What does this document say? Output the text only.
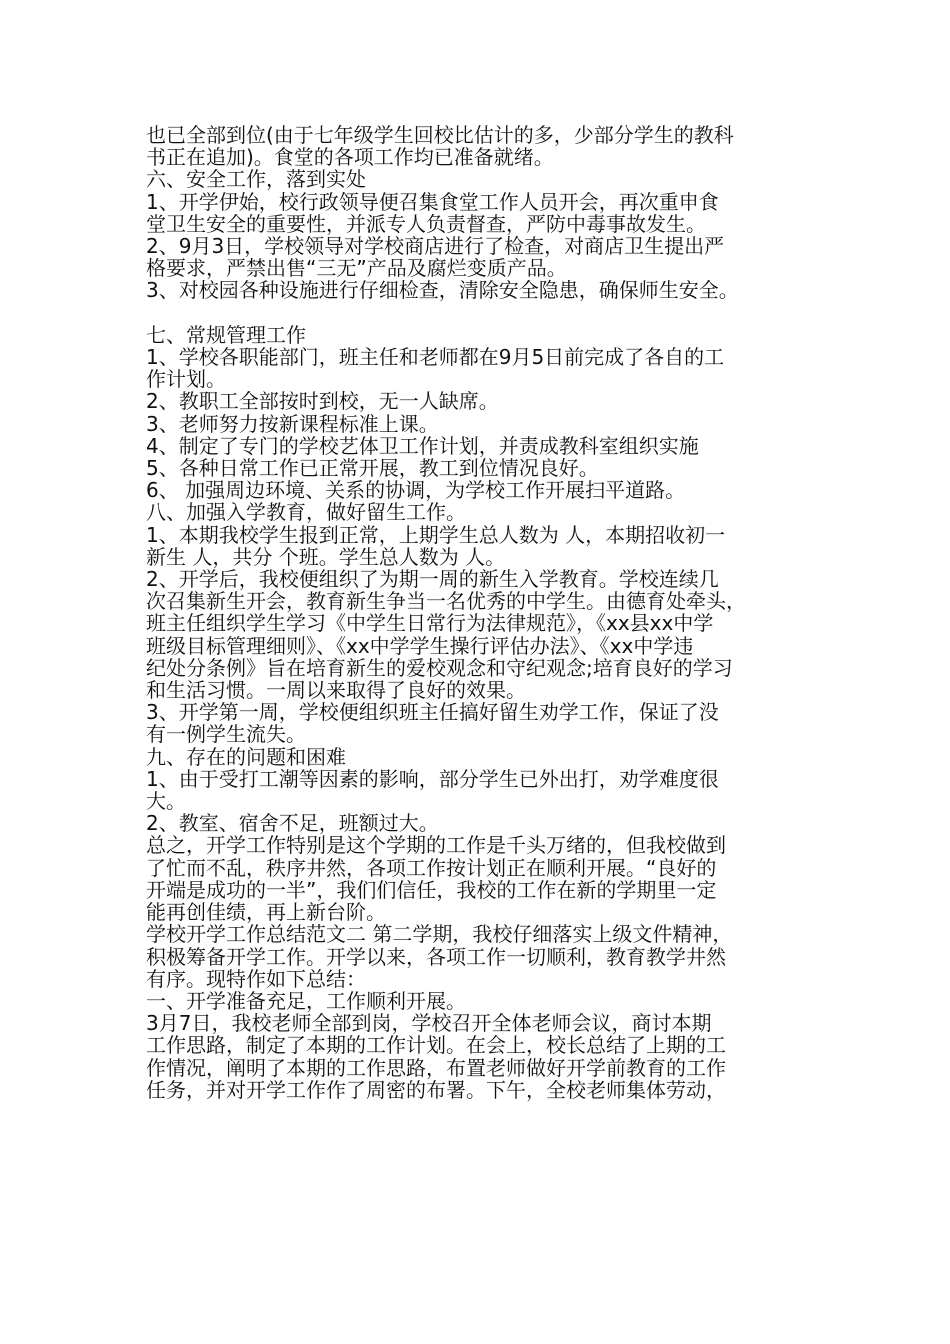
也已全部到位(由于七年级学生回校比估计的多，少部分学生的教科

书正在追加)。食堂的各项工作均已准备就绪。

六、安全工作，落到实处

1、开学伊始，校行政领导便召集食堂工作人员开会，再次重申食

堂卫生安全的重要性，并派专人负责督查，严防中毒事故发生。

2、9月3日，学校领导对学校商店进行了检查，对商店卫生提出严

格要求，严禁出售“三无”产品及腐烂变质产品。

3、对校园各种设施进行仔细检查，清除安全隐患，确保师生安全。

七、常规管理工作

1、学校各职能部门，班主任和老师都在9月5日前完成了各自的工

作计划。

2、教职工全部按时到校，无一人缺席。

3、老师努力按新课程标准上课。

4、制定了专门的学校艺体卫工作计划，并责成教科室组织实施

5、各种日常工作已正常开展，教工到位情况良好。

6、 加强周边环境、关系的协调，为学校工作开展扫平道路。

八、加强入学教育，做好留生工作。

1、本期我校学生报到正常，上期学生总人数为 人，本期招收初一

新生 人，共分 个班。学生总人数为 人。

2、开学后，我校便组织了为期一周的新生入学教育。学校连续几

次召集新生开会，教育新生争当一名优秀的中学生。由德育处牵头，

班主任组织学生学习《中学生日常行为法律规范》，《xx县xx中学

班级目标管理细则》、《xx中学学生操行评估办法》、《xx中学违

纪处分条例》旨在培育新生的爱校观念和守纪观念;培育良好的学习

和生活习惯。一周以来取得了良好的效果。

3、开学第一周，学校便组织班主任搞好留生劝学工作，保证了没

有一例学生流失。

九、存在的问题和困难

1、由于受打工潮等因素的影响，部分学生已外出打，劝学难度很

大。

2、教室、宿舍不足，班额过大。

总之，开学工作特别是这个学期的工作是千头万绪的，但我校做到

了忙而不乱，秩序井然，各项工作按计划正在顺利开展。“良好的

开端是成功的一半”，我们们信任，我校的工作在新的学期里一定

能再创佳绩，再上新台阶。

学校开学工作总结范文二 第二学期，我校仔细落实上级文件精神，

积极筹备开学工作。开学以来，各项工作一切顺利，教育教学井然

有序。现特作如下总结：

一、开学准备充足，工作顺利开展。

3月7日，我校老师全部到岗，学校召开全体老师会议，商讨本期

工作思路，制定了本期的工作计划。在会上，校长总结了上期的工

作情况，阐明了本期的工作思路，布置老师做好开学前教育的工作

任务，并对开学工作作了周密的布署。下午，全校老师集体劳动，
